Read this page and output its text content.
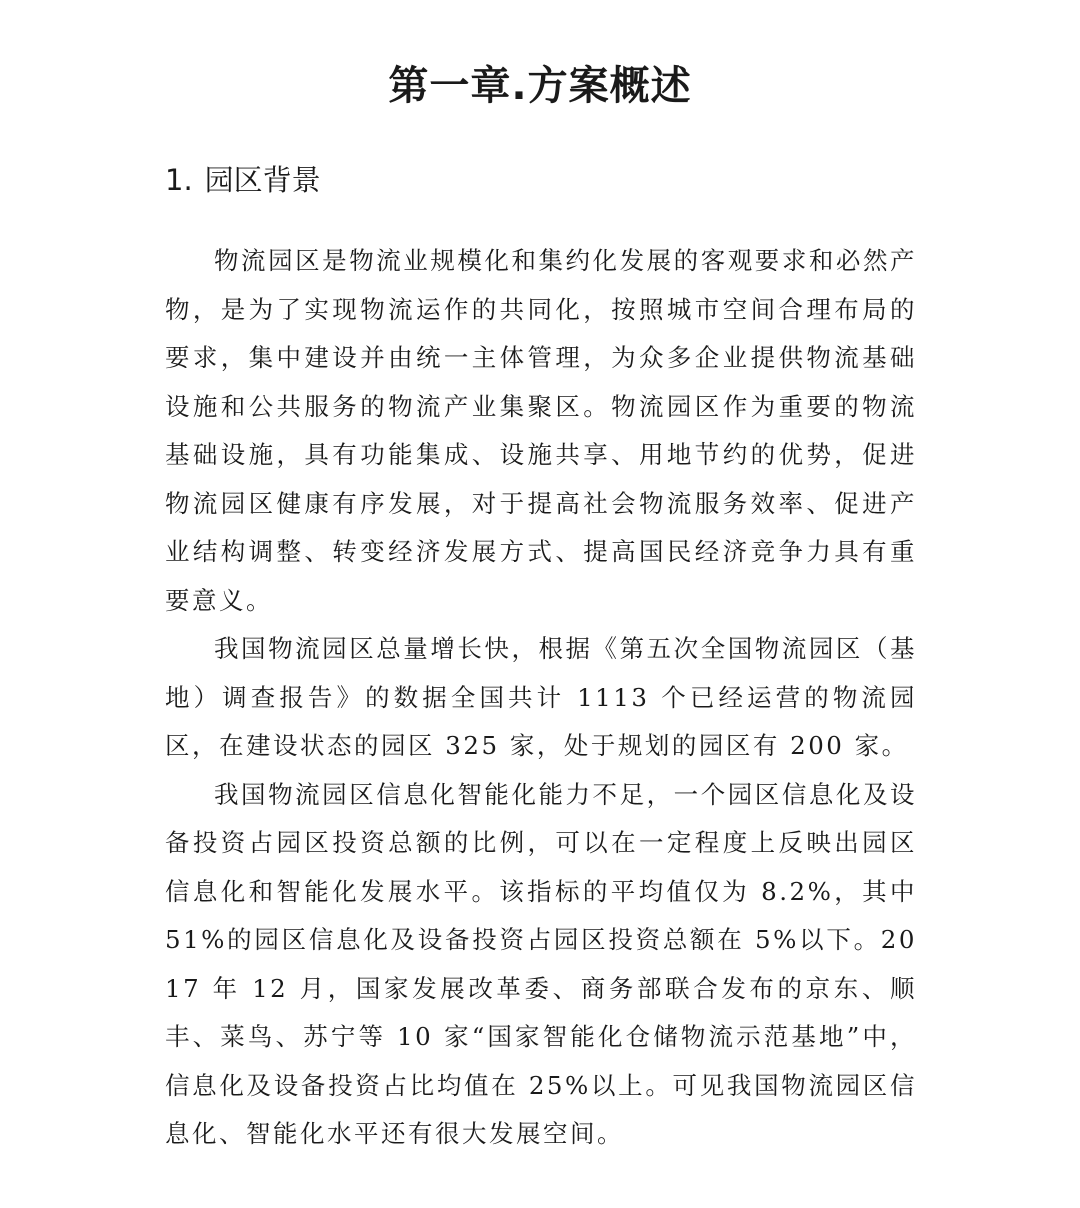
第一章.方案概述
1. 园区背景

物流园区是物流业规模化和集约化发展的客观要求和必然产物，是为了实现物流运作的共同化，按照城市空间合理布局的要求，集中建设并由统一主体管理，为众多企业提供物流基础设施和公共服务的物流产业集聚区。物流园区作为重要的物流基础设施，具有功能集成、设施共享、用地节约的优势，促进物流园区健康有序发展，对于提高社会物流服务效率、促进产业结构调整、转变经济发展方式、提高国民经济竞争力具有重要意义。

我国物流园区总量增长快，根据《第五次全国物流园区（基地）调查报告》的数据全国共计 1113 个已经运营的物流园区，在建设状态的园区 325 家，处于规划的园区有 200 家。

我国物流园区信息化智能化能力不足，一个园区信息化及设备投资占园区投资总额的比例，可以在一定程度上反映出园区信息化和智能化发展水平。该指标的平均值仅为 8.2%，其中 51%的园区信息化及设备投资占园区投资总额在 5%以下。2017 年 12 月，国家发展改革委、商务部联合发布的京东、顺丰、菜鸟、苏宁等 10 家“国家智能化仓储物流示范基地”中，信息化及设备投资占比均值在 25%以上。可见我国物流园区信息化、智能化水平还有很大发展空间。
